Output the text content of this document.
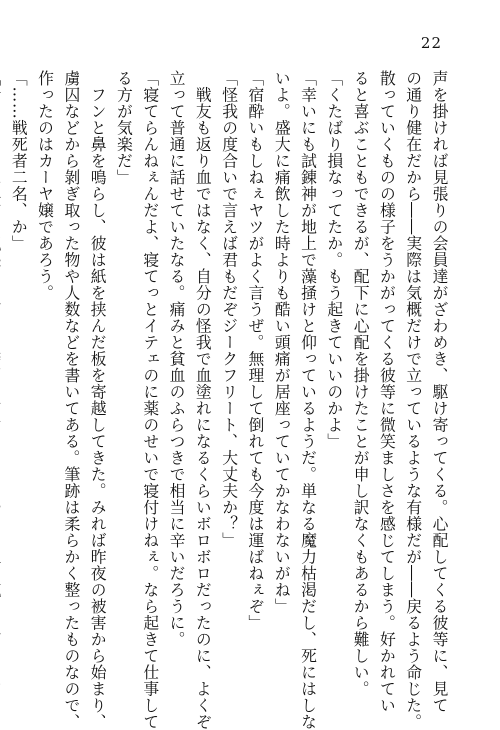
22

声を掛ければ見張りの会員達がざわめき、駆け寄ってくる。心配してくる彼等に、見て

の通り健在だから――実際は気概だけで立っているような有様だが――戻るよう命じた。

散っていくものの様子をうかがってくる彼等に微笑ましさを感じてしまう。好かれてい

ると喜ぶこともできるが、配下に心配を掛けたことが申し訳なくもあるから難しい。

「くたばり損なってたか。もう起きていいのかよ」

「幸いにも試錬神が地上で藻掻けと仰っているようだ。単なる魔力枯渇だし、死にはしな

いよ。盛大に痛飲した時よりも酷い頭痛が居座っていてかなわないがね」

「宿酔いもしねぇヤツがよく言うぜ。無理して倒れても今度は運ばねぇぞ」

「怪我の度合いで言えば君もだぞジークフリート、大丈夫か？」

　戦友も返り血ではなく、自分の怪我で血塗れになるくらいボロボロだったのに、よくぞ

立って普通に話せていたなる。痛みと貧血のふらつきで相当に辛いだろうに。

「寝てらんねぇんだよ、寝てっとイテェのに薬のせいで寝付けねぇ。なら起きて仕事して

る方が気楽だ」

　フンと鼻を鳴らし、彼は紙を挟んだ板を寄越してきた。みれば昨夜の被害から始まり、

虜囚などから剝ぎ取った物や人数などを書いてある。筆跡は柔らかく整ったものなので、

作ったのはカーヤ嬢であろう。

「……戦死者二名、か」
